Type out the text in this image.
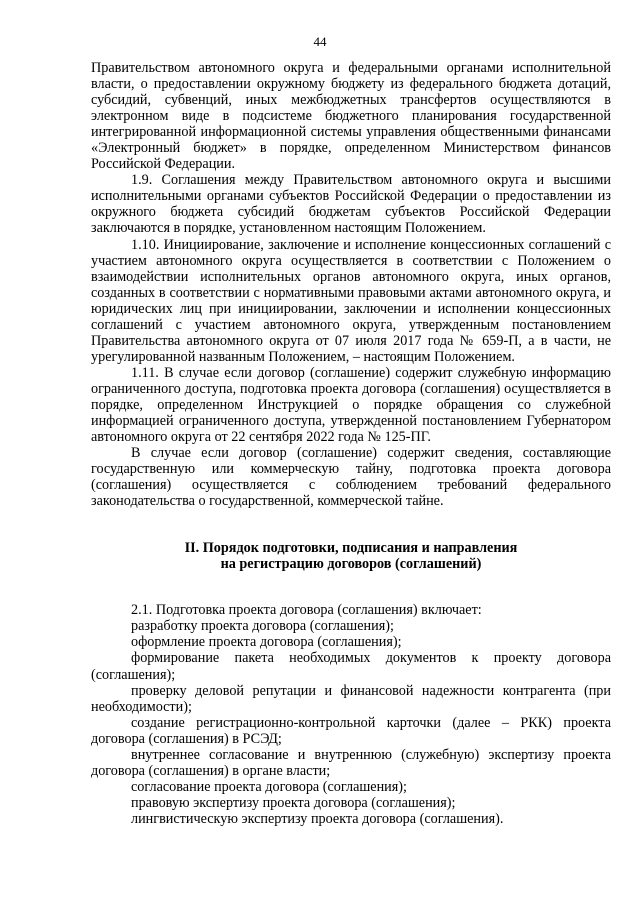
44

Правительством автономного округа и федеральными органами исполнительной власти, о предоставлении окружному бюджету из федерального бюджета дотаций, субсидий, субвенций, иных межбюджетных трансфертов осуществляются в электронном виде в подсистеме бюджетного планирования государственной интегрированной информационной системы управления общественными финансами «Электронный бюджет» в порядке, определенном Министерством финансов Российской Федерации.

1.9. Соглашения между Правительством автономного округа и высшими исполнительными органами субъектов Российской Федерации о предоставлении из окружного бюджета субсидий бюджетам субъектов Российской Федерации заключаются в порядке, установленном настоящим Положением.

1.10. Инициирование, заключение и исполнение концессионных соглашений с участием автономного округа осуществляется в соответствии с Положением о взаимодействии исполнительных органов автономного округа, иных органов, созданных в соответствии с нормативными правовыми актами автономного округа, и юридических лиц при инициировании, заключении и исполнении концессионных соглашений с участием автономного округа, утвержденным постановлением Правительства автономного округа от 07 июля 2017 года № 659-П, а в части, не урегулированной названным Положением, – настоящим Положением.

1.11. В случае если договор (соглашение) содержит служебную информацию ограниченного доступа, подготовка проекта договора (соглашения) осуществляется в порядке, определенном Инструкцией о порядке обращения со служебной информацией ограниченного доступа, утвержденной постановлением Губернатором автономного округа от 22 сентября 2022 года № 125-ПГ.

В случае если договор (соглашение) содержит сведения, составляющие государственную или коммерческую тайну, подготовка проекта договора (соглашения) осуществляется с соблюдением требований федерального законодательства о государственной, коммерческой тайне.

II. Порядок подготовки, подписания и направления
на регистрацию договоров (соглашений)

2.1. Подготовка проекта договора (соглашения) включает:

разработку проекта договора (соглашения);

оформление проекта договора (соглашения);

формирование пакета необходимых документов к проекту договора (соглашения);

проверку деловой репутации и финансовой надежности контрагента (при необходимости);

создание регистрационно-контрольной карточки (далее – РКК) проекта договора (соглашения) в РСЭД;

внутреннее согласование и внутреннюю (служебную) экспертизу проекта договора (соглашения) в органе власти;

согласование проекта договора (соглашения);

правовую экспертизу проекта договора (соглашения);

лингвистическую экспертизу проекта договора (соглашения).
